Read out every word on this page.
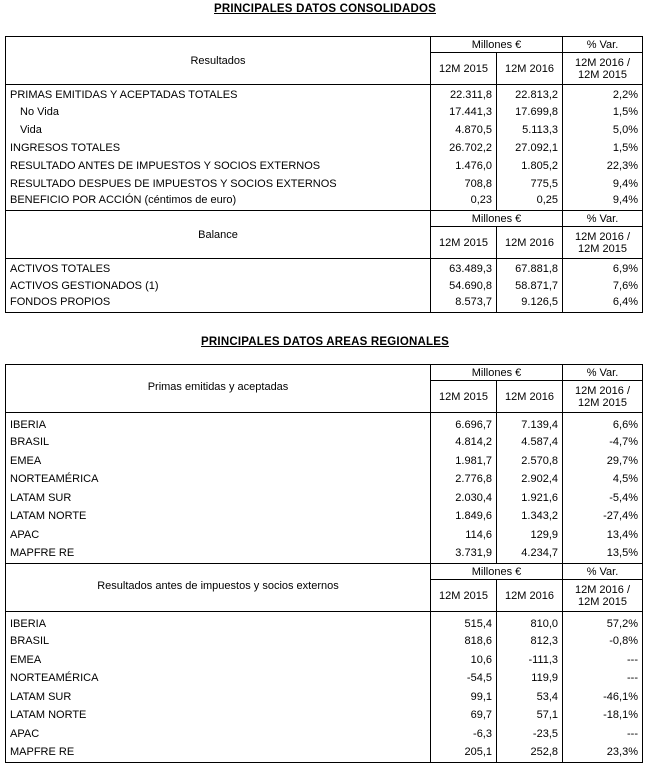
PRINCIPALES DATOS CONSOLIDADOS
Resultados	Millones €		% Var.
	12M 2015	12M 2016	12M 2016 / 12M 2015
PRIMAS EMITIDAS Y ACEPTADAS TOTALES	22.311,8	22.813,2	2,2%
No Vida	17.441,3	17.699,8	1,5%
Vida	4.870,5	5.113,3	5,0%
INGRESOS TOTALES	26.702,2	27.092,1	1,5%
RESULTADO ANTES DE IMPUESTOS Y SOCIOS EXTERNOS	1.476,0	1.805,2	22,3%
RESULTADO DESPUES DE IMPUESTOS Y SOCIOS EXTERNOS	708,8	775,5	9,4%
BENEFICIO POR ACCIÓN (céntimos de euro)	0,23	0,25	9,4%
Balance	Millones €		% Var.
	12M 2015	12M 2016	12M 2016 / 12M 2015
ACTIVOS TOTALES	63.489,3	67.881,8	6,9%
ACTIVOS GESTIONADOS (1)	54.690,8	58.871,7	7,6%
FONDOS PROPIOS	8.573,7	9.126,5	6,4%
PRINCIPALES DATOS AREAS REGIONALES
Primas emitidas y aceptadas	Millones €		% Var.
	12M 2015	12M 2016	12M 2016 / 12M 2015
IBERIA	6.696,7	7.139,4	6,6%
BRASIL	4.814,2	4.587,4	-4,7%
EMEA	1.981,7	2.570,8	29,7%
NORTEAMÉRICA	2.776,8	2.902,4	4,5%
LATAM SUR	2.030,4	1.921,6	-5,4%
LATAM NORTE	1.849,6	1.343,2	-27,4%
APAC	114,6	129,9	13,4%
MAPFRE RE	3.731,9	4.234,7	13,5%
Resultados antes de impuestos y socios externos	Millones €		% Var.
	12M 2015	12M 2016	12M 2016 / 12M 2015
IBERIA	515,4	810,0	57,2%
BRASIL	818,6	812,3	-0,8%
EMEA	10,6	-111,3	---
NORTEAMÉRICA	-54,5	119,9	---
LATAM SUR	99,1	53,4	-46,1%
LATAM NORTE	69,7	57,1	-18,1%
APAC	-6,3	-23,5	---
MAPFRE RE	205,1	252,8	23,3%
